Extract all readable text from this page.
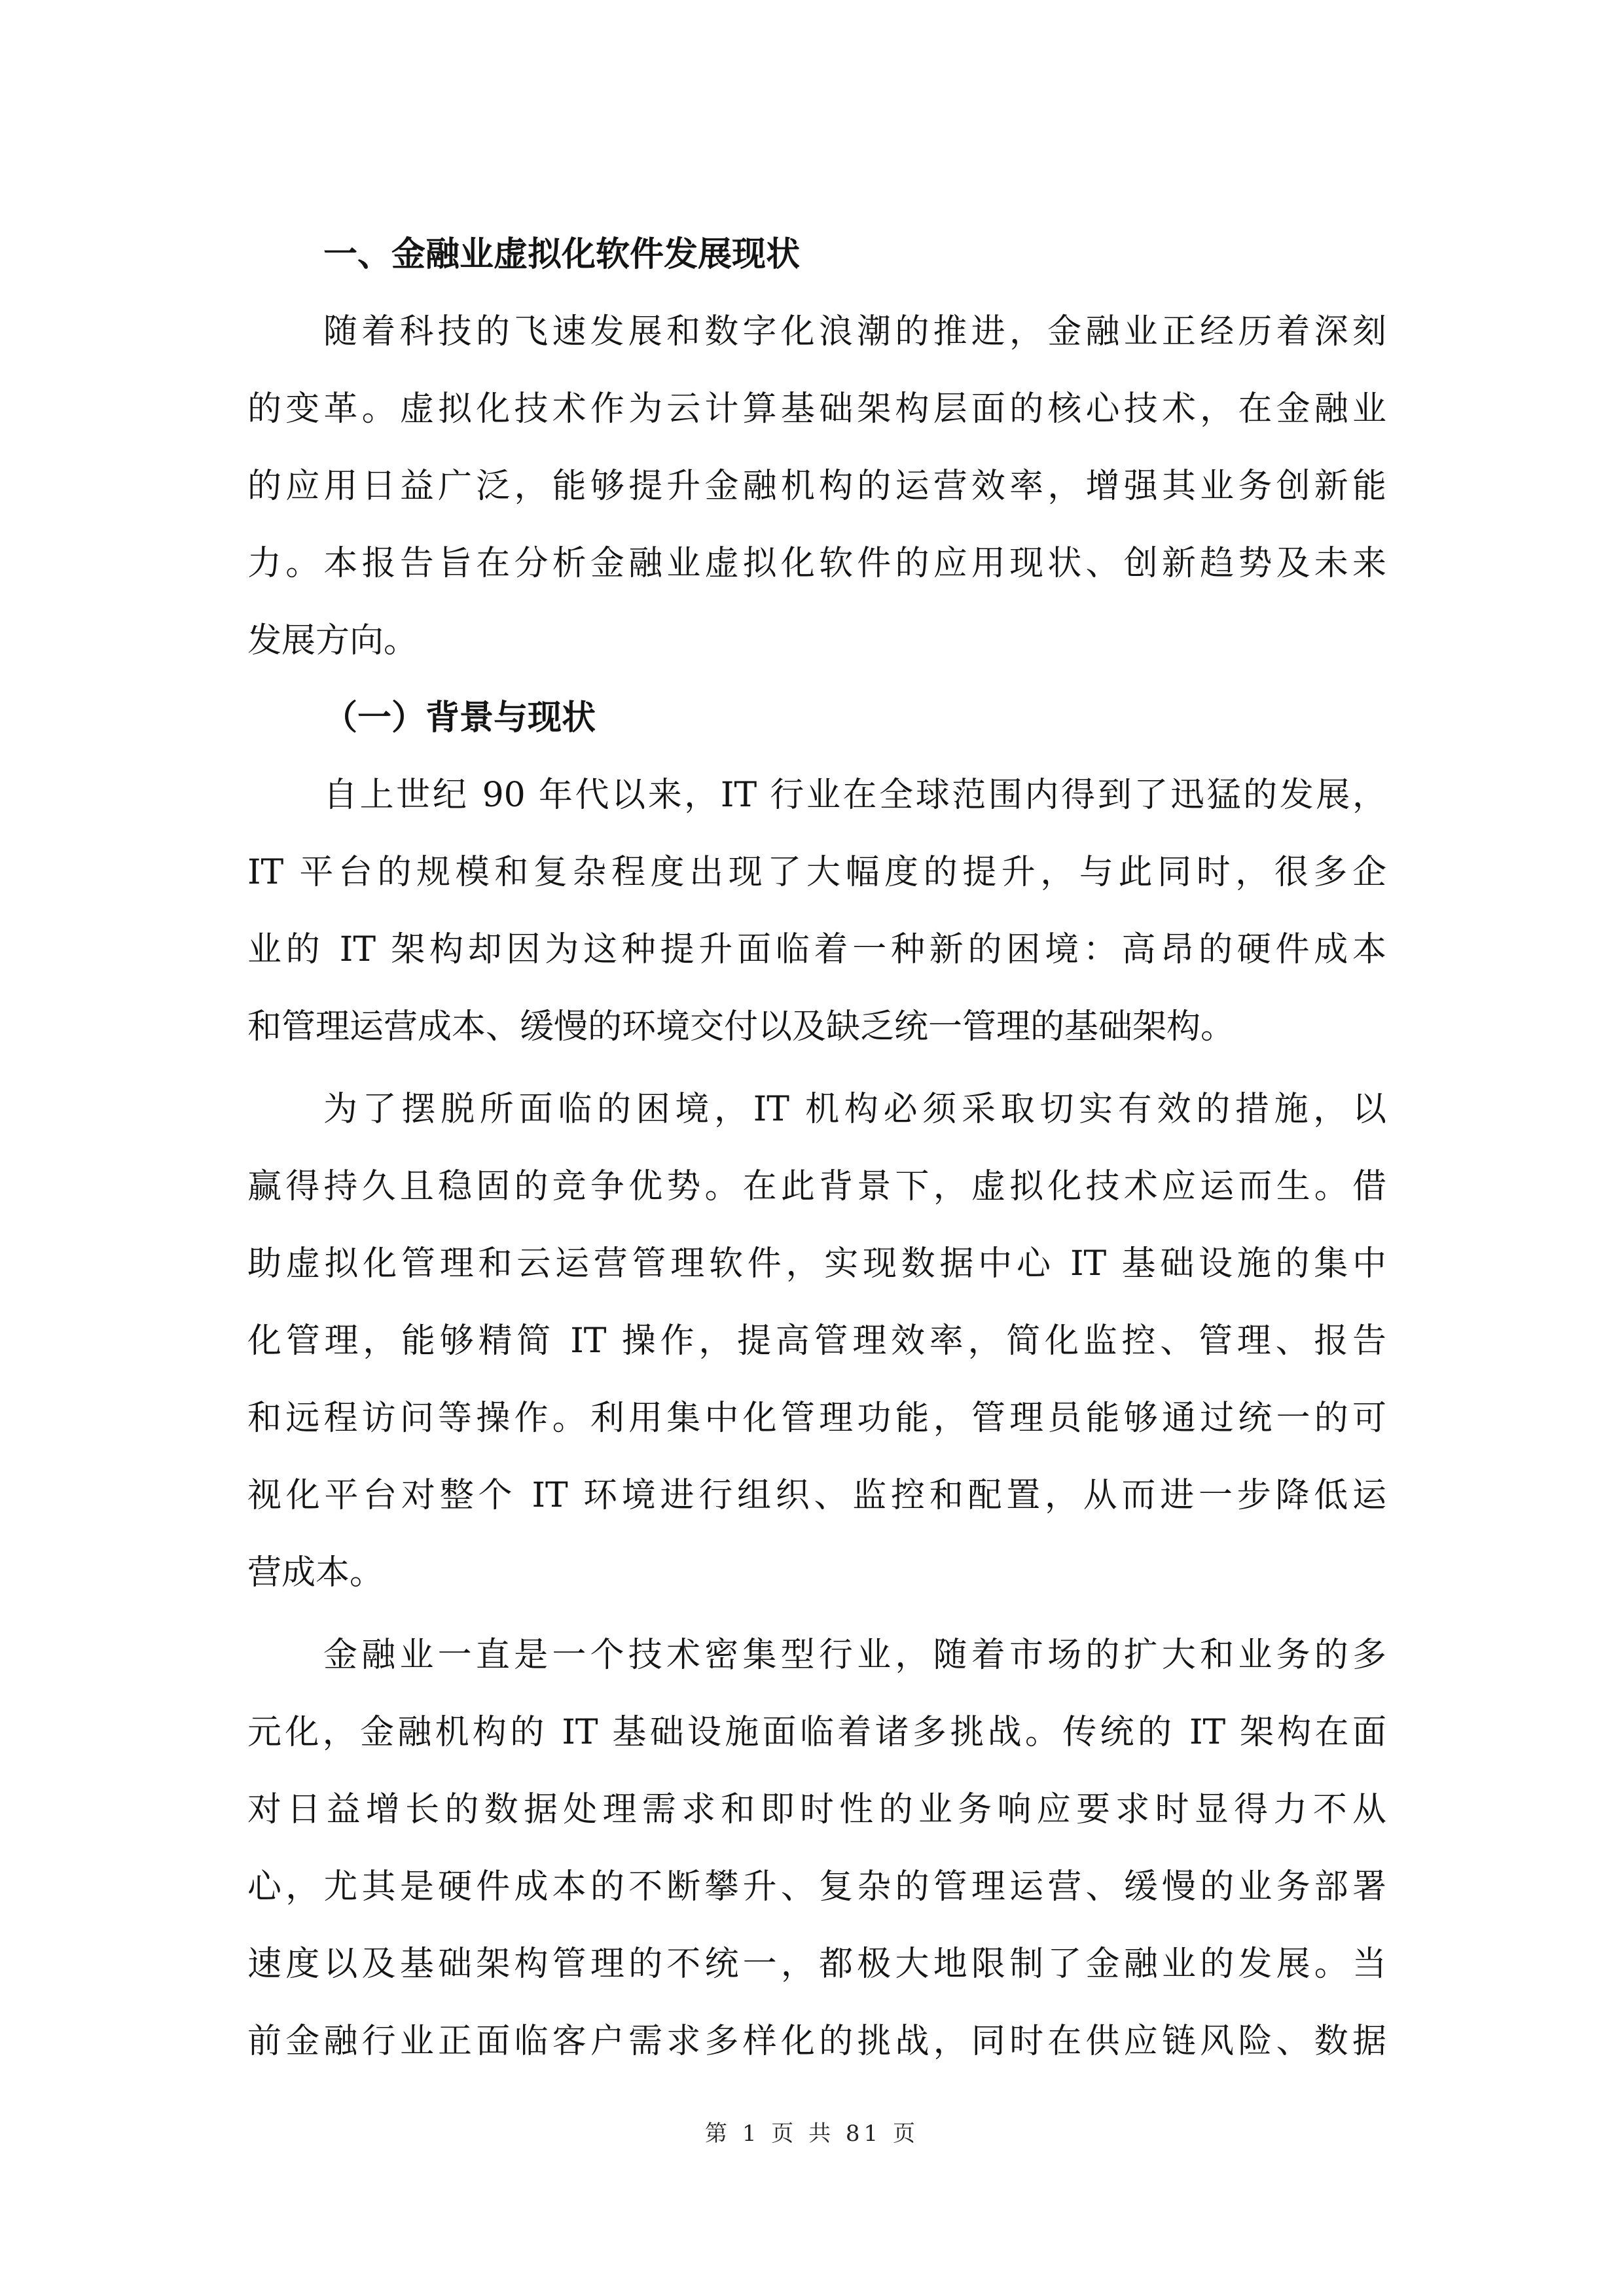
一、金融业虚拟化软件发展现状
随着科技的飞速发展和数字化浪潮的推进，金融业正经历着深刻
的变革。虚拟化技术作为云计算基础架构层面的核心技术，在金融业
的应用日益广泛，能够提升金融机构的运营效率，增强其业务创新能
力。本报告旨在分析金融业虚拟化软件的应用现状、创新趋势及未来
发展方向。
（一）背景与现状
自上世纪 90 年代以来，IT 行业在全球范围内得到了迅猛的发展，
IT 平台的规模和复杂程度出现了大幅度的提升，与此同时，很多企
业的 IT 架构却因为这种提升面临着一种新的困境：高昂的硬件成本
和管理运营成本、缓慢的环境交付以及缺乏统一管理的基础架构。
为了摆脱所面临的困境，IT 机构必须采取切实有效的措施，以
赢得持久且稳固的竞争优势。在此背景下，虚拟化技术应运而生。借
助虚拟化管理和云运营管理软件，实现数据中心 IT 基础设施的集中
化管理，能够精简 IT 操作，提高管理效率，简化监控、管理、报告
和远程访问等操作。利用集中化管理功能，管理员能够通过统一的可
视化平台对整个 IT 环境进行组织、监控和配置，从而进一步降低运
营成本。
金融业一直是一个技术密集型行业，随着市场的扩大和业务的多
元化，金融机构的 IT 基础设施面临着诸多挑战。传统的 IT 架构在面
对日益增长的数据处理需求和即时性的业务响应要求时显得力不从
心，尤其是硬件成本的不断攀升、复杂的管理运营、缓慢的业务部署
速度以及基础架构管理的不统一，都极大地限制了金融业的发展。当
前金融行业正面临客户需求多样化的挑战，同时在供应链风险、数据
第 1 页 共 81 页
